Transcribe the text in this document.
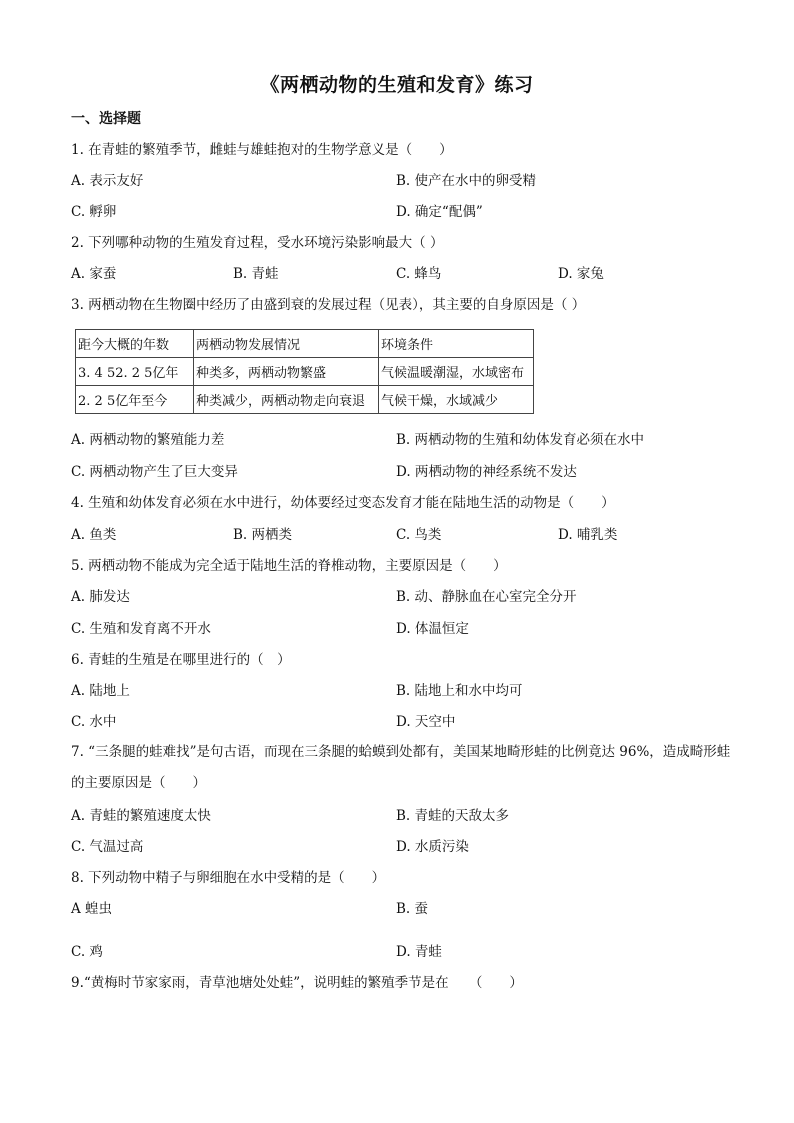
《两栖动物的生殖和发育》练习
一、选择题
1. 在青蛙的繁殖季节，雌蛙与雄蛙抱对的生物学意义是（　　）
A. 表示友好	B. 使产在水中的卵受精
C. 孵卵	D. 确定“配偶”
2. 下列哪种动物的生殖发育过程，受水环境污染影响最大（ ）
A. 家蚕	B. 青蛙	C. 蜂鸟	D. 家兔
3. 两栖动物在生物圈中经历了由盛到衰的发展过程（见表），其主要的自身原因是（ ）
距今大概的年数	两栖动物发展情况	环境条件
3. 4 52. 2 5亿年	种类多，两栖动物繁盛	气候温暖潮湿，水域密布
2. 2 5亿年至今	种类减少，两栖动物走向衰退	气候干燥，水域减少
A. 两栖动物的繁殖能力差	B. 两栖动物的生殖和幼体发育必须在水中
C. 两栖动物产生了巨大变异	D. 两栖动物的神经系统不发达
4. 生殖和幼体发育必须在水中进行，幼体要经过变态发育才能在陆地生活的动物是（　　）
A. 鱼类	B. 两栖类	C. 鸟类	D. 哺乳类
5. 两栖动物不能成为完全适于陆地生活的脊椎动物，主要原因是（　　）
A. 肺发达	B. 动、静脉血在心室完全分开
C. 生殖和发育离不开水	D. 体温恒定
6. 青蛙的生殖是在哪里进行的（　）
A. 陆地上	B. 陆地上和水中均可
C. 水中	D. 天空中
7. “三条腿的蛙难找”是句古语，而现在三条腿的蛤蟆到处都有，美国某地畸形蛙的比例竟达 96%，造成畸形蛙的主要原因是（　　）
A. 青蛙的繁殖速度太快	B. 青蛙的天敌太多
C. 气温过高	D. 水质污染
8. 下列动物中精子与卵细胞在水中受精的是（　　）
A 蝗虫	B. 蚕
C. 鸡	D. 青蛙
9.“黄梅时节家家雨，青草池塘处处蛙”，说明蛙的繁殖季节是在　　（　　）
